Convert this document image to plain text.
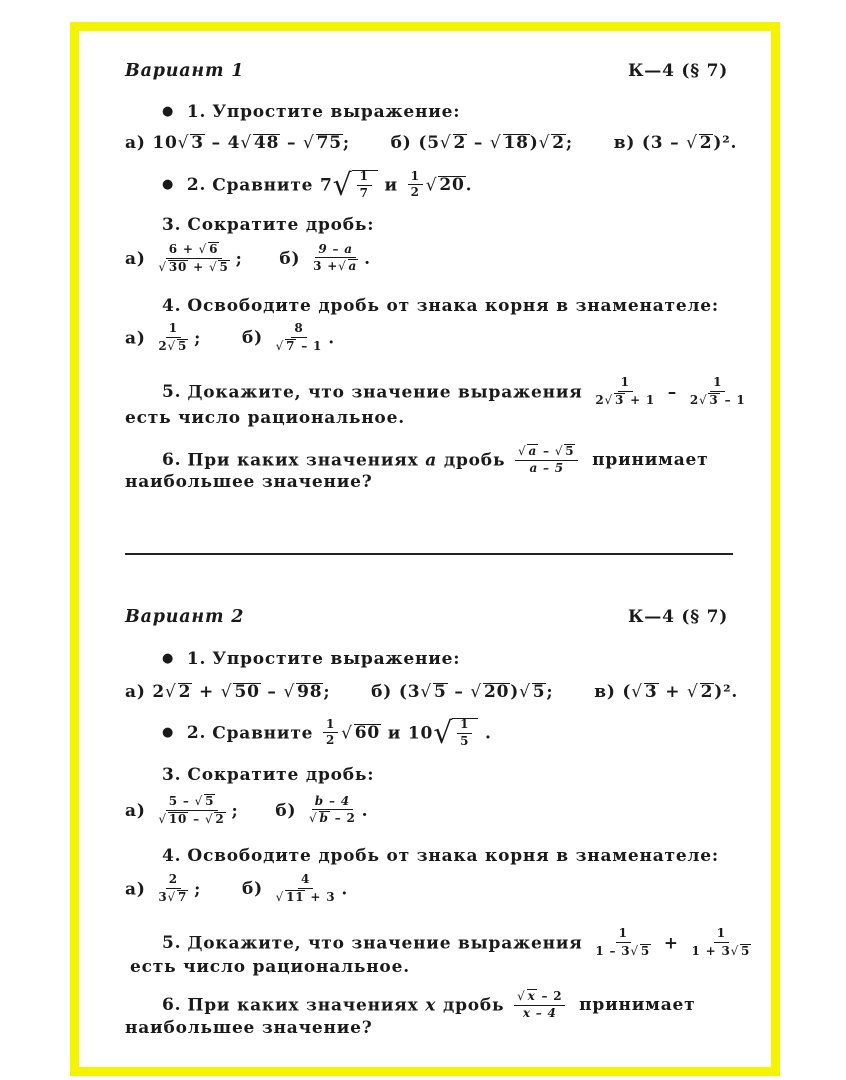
Вариант 1	К—4 (§ 7)
● 1. Упростите выражение:
а) 10√ 3 – 4√ 48 – √ 75; б) (5√ 2 – √ 18)√ 2; в) (3 – √ 2)².
● 2. Сравните 7 √ $\frac{1}{7}$ и $\frac{1}{2}$ √ 20.
3. Сократите дробь:
$а) \frac{6 + √ 6}{√ 30 + √ 5}$ ; $б) \frac{9 - a}{3 +√ a}$ .
4. Освободите дробь от знака корня в знаменателе:
$а) \frac{1}{2√ 5}$ ; $б) \frac{8}{√ 7 - 1}$ .
5. Докажите, что значение выражения $\frac{1}{2√ 3 + 1} - \frac{1}{2√ 3 - 1}$
есть число рациональное.
6. При каких значениях a дробь $\frac{√ a - √ 5}{a - 5}$ принимает
наибольшее значение?
Вариант 2	К—4 (§ 7)
● 1. Упростите выражение:
а) 2√ 2 + √ 50 – √ 98; б) (3√ 5 – √ 20)√ 5; в) (√ 3 + √ 2)².
● 2. Сравните $\frac{1}{2}$ √ 60 и 10 √ $\frac{1}{5}$ .
3. Сократите дробь:
$а) \frac{5 - √ 5}{√ 10 - √ 2}$ ; $б) \frac{b - 4}{√ b - 2}$ .
4. Освободите дробь от знака корня в знаменателе:
$а) \frac{2}{3√ 7}$ ; $б) \frac{4}{√ 11 + 3}$ .
5. Докажите, что значение выражения $\frac{1}{1 - 3√ 5} + \frac{1}{1 + 3√ 5}$
есть число рациональное.
6. При каких значениях x дробь $\frac{√ x - 2}{x - 4}$ принимает
наибольшее значение?
